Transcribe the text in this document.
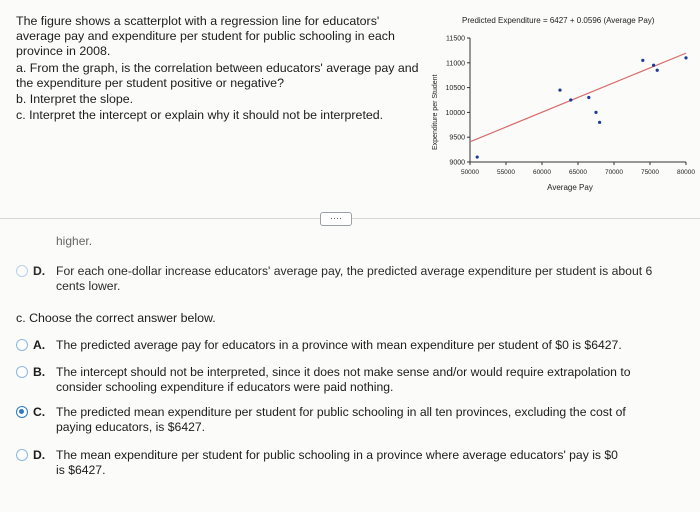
The figure shows a scatterplot with a regression line for educators'
average pay and expenditure per student for public schooling in each
province in 2008.
a. From the graph, is the correlation between educators' average pay and
the expenditure per student positive or negative?
b. Interpret the slope.
c. Interpret the intercept or explain why it should not be interpreted.
Predicted Expenditure = 6427 + 0.0596 (Average Pay)
Expenditure per Student
Average Pay
11500
11000
10500
10000
9500
9000
50000	55000	60000	65000	70000	75000	80000
····
higher.
D. For each one-dollar increase educators' average pay, the predicted average expenditure per student is about 6
cents lower.
c. Choose the correct answer below.
A. The predicted average pay for educators in a province with mean expenditure per student of $0 is $6427.
B. The intercept should not be interpreted, since it does not make sense and/or would require extrapolation to
consider schooling expenditure if educators were paid nothing.
C. The predicted mean expenditure per student for public schooling in all ten provinces, excluding the cost of
paying educators, is $6427.
D. The mean expenditure per student for public schooling in a province where average educators' pay is $0
is $6427.
